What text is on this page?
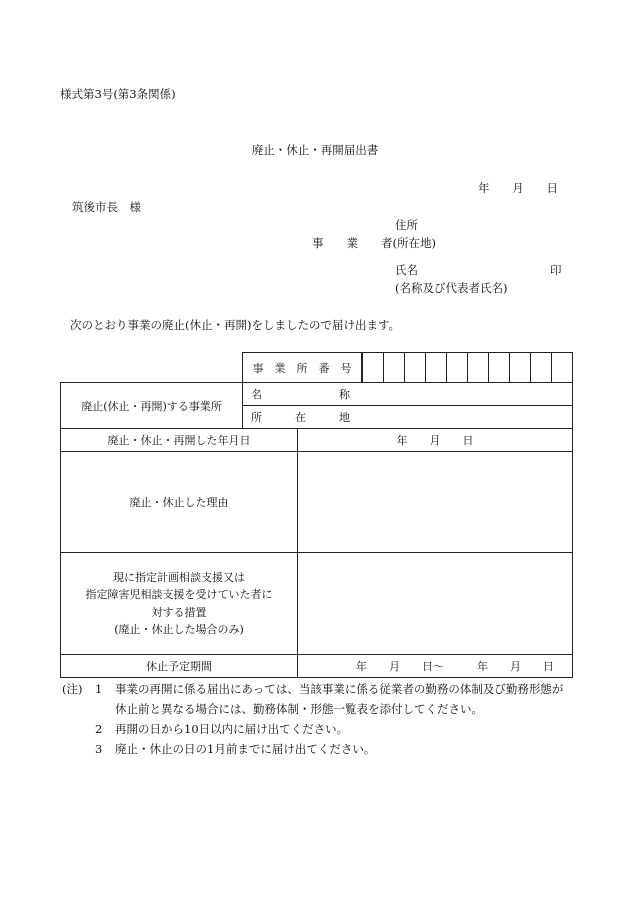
様式第3号(第3条関係)
廃止・休止・再開届出書
年 月 日
筑後市長　様
住所
事　　業　　者(所在地)
氏名	印
(名称及び代表者氏名)
次のとおり事業の廃止(休止・再開)をしましたので届け出ます。
	事　業　所　番　号		

廃止(休止・再開)する事業所	名　　　　　　　称		
	所　　　在　　　地		
廃止・休止・再開した年月日		年　　月　　日	
廃止・休止した理由			

現に指定計画相談支援又は
指定障害児相談支援を受けていた者に
対する措置
(廃止・休止した場合のみ)			

休止予定期間		年　　月　　日～　　　年　　月　　日	
(注)	1	事業の再開に係る届出にあっては、当該事業に係る従業者の勤務の体制及び勤務形態が
休止前と異なる場合には、勤務体制・形態一覧表を添付してください。
2	再開の日から10日以内に届け出てください。
3	廃止・休止の日の1月前までに届け出てください。
